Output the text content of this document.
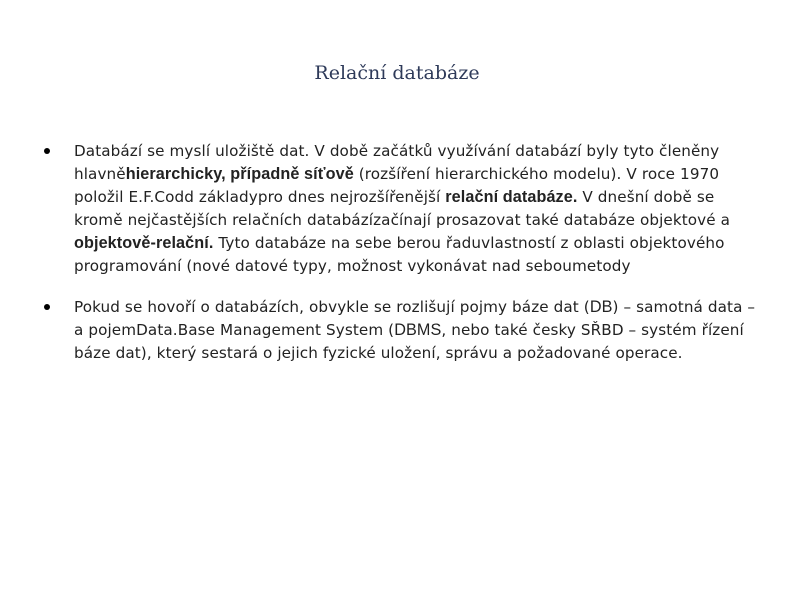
Relační databáze
Databází se myslí uložiště dat. V době začátků využívání databází byly tyto členěny hlavněhierarchicky, případně síťově (rozšíření hierarchického modelu). V roce 1970 položil E.F.Codd základypro dnes nejrozšířenější relační databáze. V dnešní době se kromě nejčastějších relačních databázízačínají prosazovat také databáze objektové a objektově-relační. Tyto databáze na sebe berou řaduvlastností z oblasti objektového programování (nové datové typy, možnost vykonávat nad seboumetody
Pokud se hovoří o databázích, obvykle se rozlišují pojmy báze dat (DB) – samotná data – a pojemData.Base Management System (DBMS, nebo také česky SŘBD – systém řízení báze dat), který sestará o jejich fyzické uložení, správu a požadované operace.
